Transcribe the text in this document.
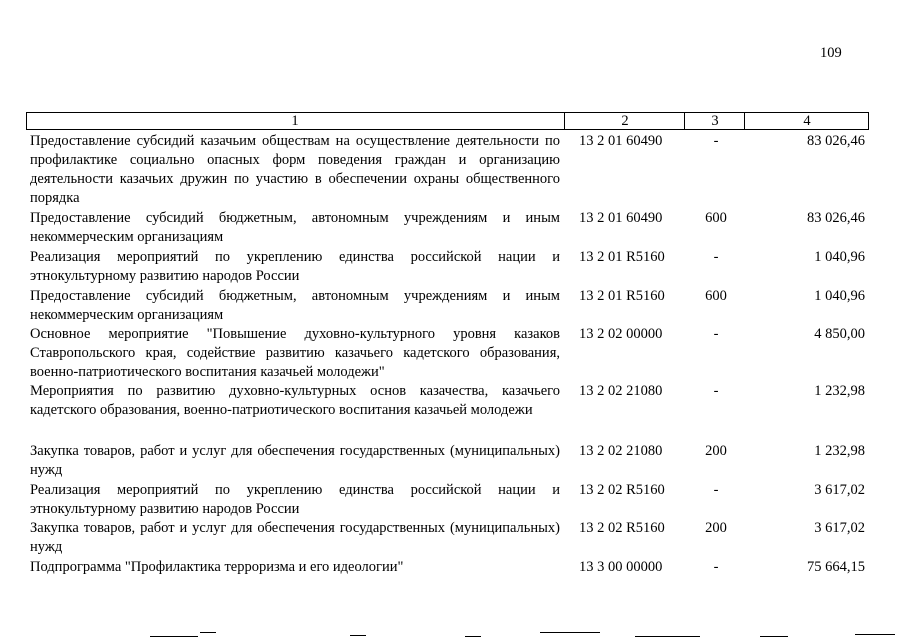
109
1	2	3	4
Предоставление субсидий казачьим обществам на осуществление деятельности по профилактике социально опасных форм поведения граждан и организацию деятельности казачьих дружин по участию в обеспечении охраны общественного порядка
13 2 01 60490	-	83 026,46
Предоставление субсидий бюджетным, автономным учреждениям и иным некоммерческим организациям
13 2 01 60490	600	83 026,46
Реализация мероприятий по укреплению единства российской нации и этнокультурному развитию народов России
13 2 01 R5160	-	1 040,96
Предоставление субсидий бюджетным, автономным учреждениям и иным некоммерческим организациям
13 2 01 R5160	600	1 040,96
Основное мероприятие "Повышение духовно-культурного уровня казаков Ставропольского края, содействие развитию казачьего кадетского образования, военно-патриотического воспитания казачьей молодежи"
13 2 02 00000	-	4 850,00
Мероприятия по развитию духовно-культурных основ казачества, казачьего кадетского образования, военно-патриотического воспитания казачьей молодежи
13 2 02 21080	-	1 232,98
Закупка товаров, работ и услуг для обеспечения государственных (муниципальных) нужд
13 2 02 21080	200	1 232,98
Реализация мероприятий по укреплению единства российской нации и этнокультурному развитию народов России
13 2 02 R5160	-	3 617,02
Закупка товаров, работ и услуг для обеспечения государственных (муниципальных) нужд
13 2 02 R5160	200	3 617,02
Подпрограмма "Профилактика терроризма и его идеологии"	13 3 00 00000	-	75 664,15
